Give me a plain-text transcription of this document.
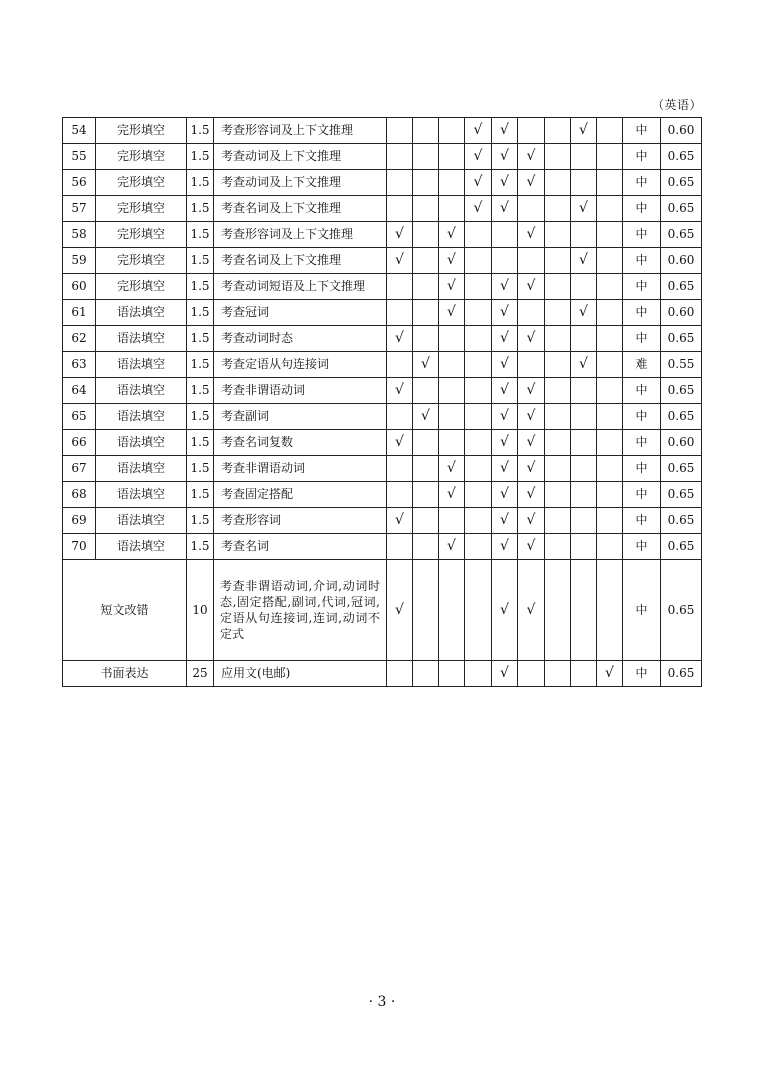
（英语）
54	完形填空	1.5	考查形容词及上下文推理				√	√			√		中	0.60
55	完形填空	1.5	考查动词及上下文推理				√	√	√				中	0.65
56	完形填空	1.5	考查动词及上下文推理				√	√	√				中	0.65
57	完形填空	1.5	考查名词及上下文推理				√	√			√		中	0.65
58	完形填空	1.5	考查形容词及上下文推理	√		√			√				中	0.65
59	完形填空	1.5	考查名词及上下文推理	√		√					√		中	0.60
60	完形填空	1.5	考查动词短语及上下文推理			√		√	√				中	0.65
61	语法填空	1.5	考查冠词			√		√			√		中	0.60
62	语法填空	1.5	考查动词时态	√				√	√				中	0.65
63	语法填空	1.5	考查定语从句连接词		√			√			√		难	0.55
64	语法填空	1.5	考查非谓语动词	√				√	√				中	0.65
65	语法填空	1.5	考查副词		√			√	√				中	0.65
66	语法填空	1.5	考查名词复数	√				√	√				中	0.60
67	语法填空	1.5	考查非谓语动词			√		√	√				中	0.65
68	语法填空	1.5	考查固定搭配			√		√	√				中	0.65
69	语法填空	1.5	考查形容词	√				√	√				中	0.65
70	语法填空	1.5	考查名词			√		√	√				中	0.65
短文改错		10	考查非谓语动词,介词,动词时态,固定搭配,副词,代词,冠词,定语从句连接词,连词,动词不定式	√				√	√				中	0.65
书面表达		25	应用文(电邮)					√				√	中	0.65
· 3 ·
